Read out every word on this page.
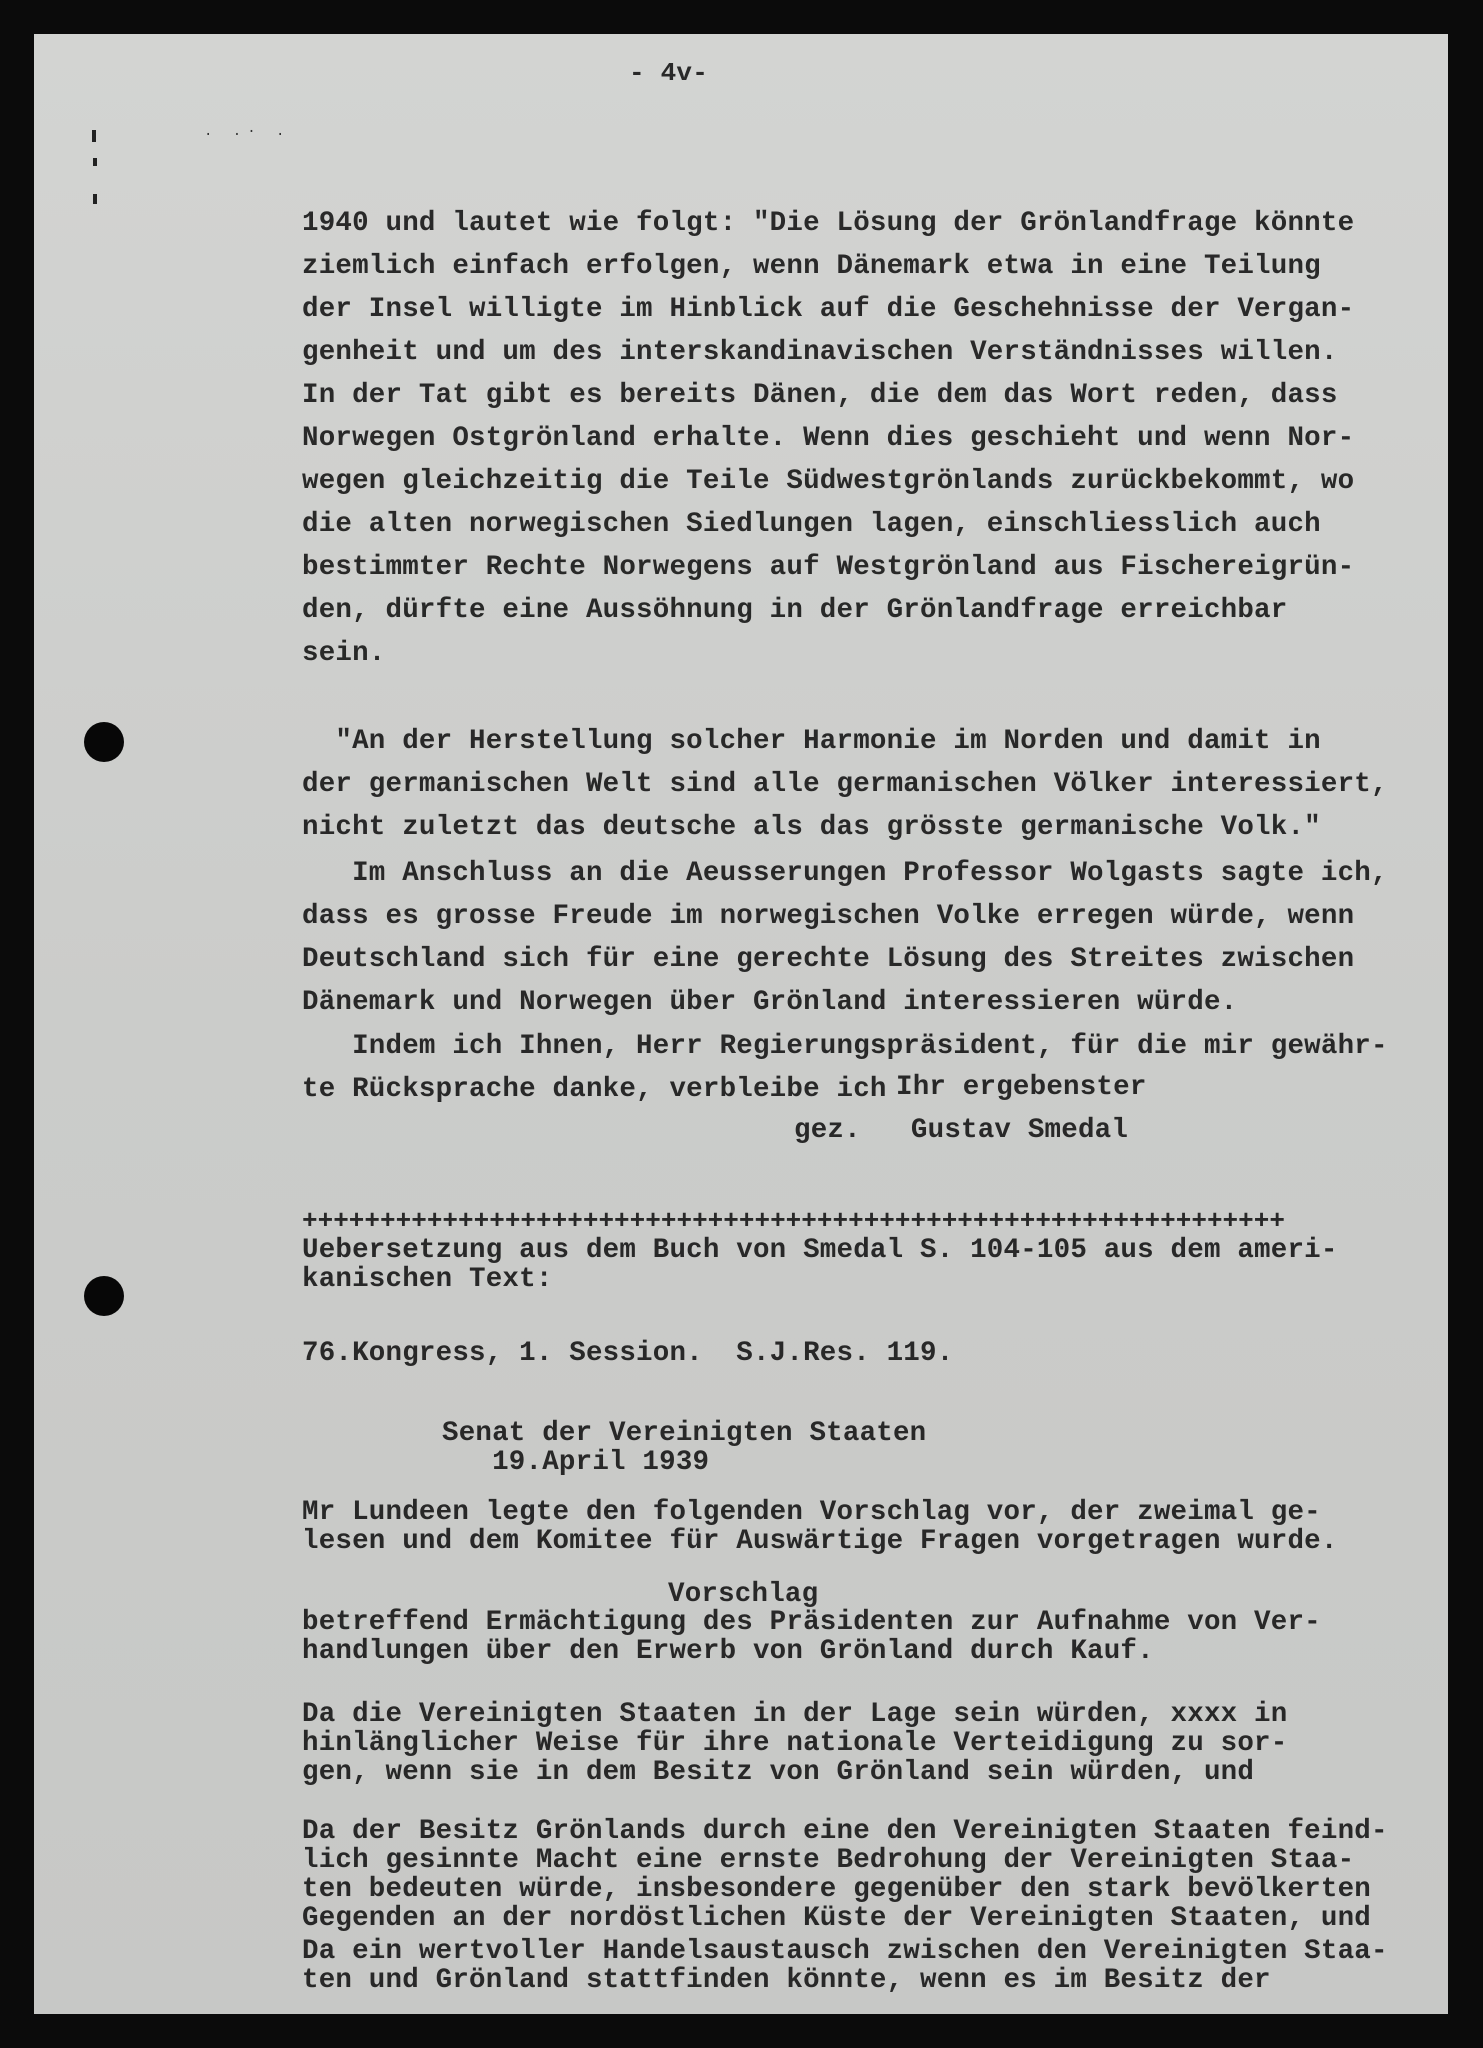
. .· .
- 4v-
1940 und lautet wie folgt: "Die Lösung der Grönlandfrage könnte
ziemlich einfach erfolgen, wenn Dänemark etwa in eine Teilung
der Insel willigte im Hinblick auf die Geschehnisse der Vergan-
genheit und um des interskandinavischen Verständnisses willen.
In der Tat gibt es bereits Dänen, die dem das Wort reden, dass
Norwegen Ostgrönland erhalte. Wenn dies geschieht und wenn Nor-
wegen gleichzeitig die Teile Südwestgrönlands zurückbekommt, wo
die alten norwegischen Siedlungen lagen, einschliesslich auch
bestimmter Rechte Norwegens auf Westgrönland aus Fischereigrün-
den, dürfte eine Aussöhnung in der Grönlandfrage erreichbar
sein.
"An der Herstellung solcher Harmonie im Norden und damit in
der germanischen Welt sind alle germanischen Völker interessiert,
nicht zuletzt das deutsche als das grösste germanische Volk."
Im Anschluss an die Aeusserungen Professor Wolgasts sagte ich,
dass es grosse Freude im norwegischen Volke erregen würde, wenn
Deutschland sich für eine gerechte Lösung des Streites zwischen
Dänemark und Norwegen über Grönland interessieren würde.
Indem ich Ihnen, Herr Regierungspräsident, für die mir gewähr-
te Rücksprache danke, verbleibe ich Ihr ergebenster
gez.   Gustav Smedal
+++++++++++++++++++++++++++++++++++++++++++++++++++++++++++++++
Uebersetzung aus dem Buch von Smedal S. 104-105 aus dem ameri-
kanischen Text:
76.Kongress, 1. Session.  S.J.Res. 119.
Senat der Vereinigten Staaten
19.April 1939
Mr Lundeen legte den folgenden Vorschlag vor, der zweimal ge-
lesen und dem Komitee für Auswärtige Fragen vorgetragen wurde.
Vorschlag
betreffend Ermächtigung des Präsidenten zur Aufnahme von Ver-
handlungen über den Erwerb von Grönland durch Kauf.
Da die Vereinigten Staaten in der Lage sein würden, xxxx in
hinlänglicher Weise für ihre nationale Verteidigung zu sor-
gen, wenn sie in dem Besitz von Grönland sein würden, und
Da der Besitz Grönlands durch eine den Vereinigten Staaten feind-
lich gesinnte Macht eine ernste Bedrohung der Vereinigten Staa-
ten bedeuten würde, insbesondere gegenüber den stark bevölkerten
Gegenden an der nordöstlichen Küste der Vereinigten Staaten, und
Da ein wertvoller Handelsaustausch zwischen den Vereinigten Staa-
ten und Grönland stattfinden könnte, wenn es im Besitz der
